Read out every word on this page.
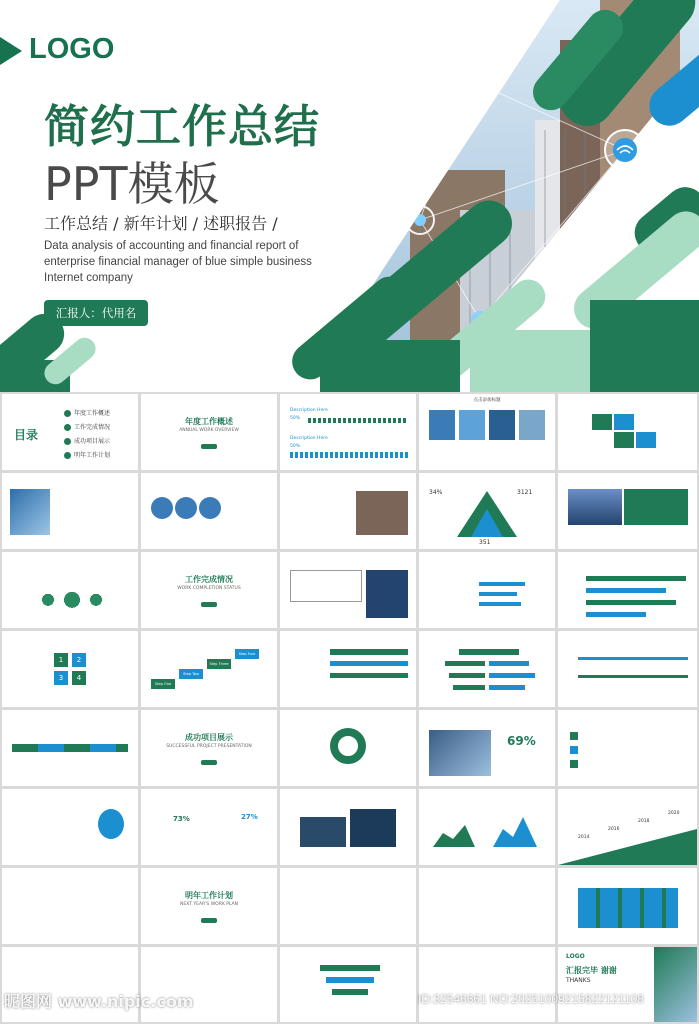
LOGO
简约工作总结
PPT模板
工作总结 / 新年计划 / 述职报告 /
Data analysis of accounting and financial report of
enterprise financial manager of blue simple business
Internet company
汇报人：代用名
目录
年度工作概述
工作完成情况
成功项目展示
明年工作计划
年度工作概述
ANNUAL WORK OVERVIEW
Description Here
50%
Description Here
50%
点击添加标题
34%	3121
351
工作完成情况
WORK COMPLETION STATUS
1	2
3	4
Step One
Step Two
Step Three
Step Four
成功项目展示
SUCCESSFUL PROJECT PRESENTATION	69%
73%	27%
2014
2016
2018
2020
明年工作计划
NEXT YEAR'S WORK PLAN
LOGO
汇报完毕 谢谢
THANKS
昵图网 www.nipic.com	ID:32546661 NO:20251009215822121108
